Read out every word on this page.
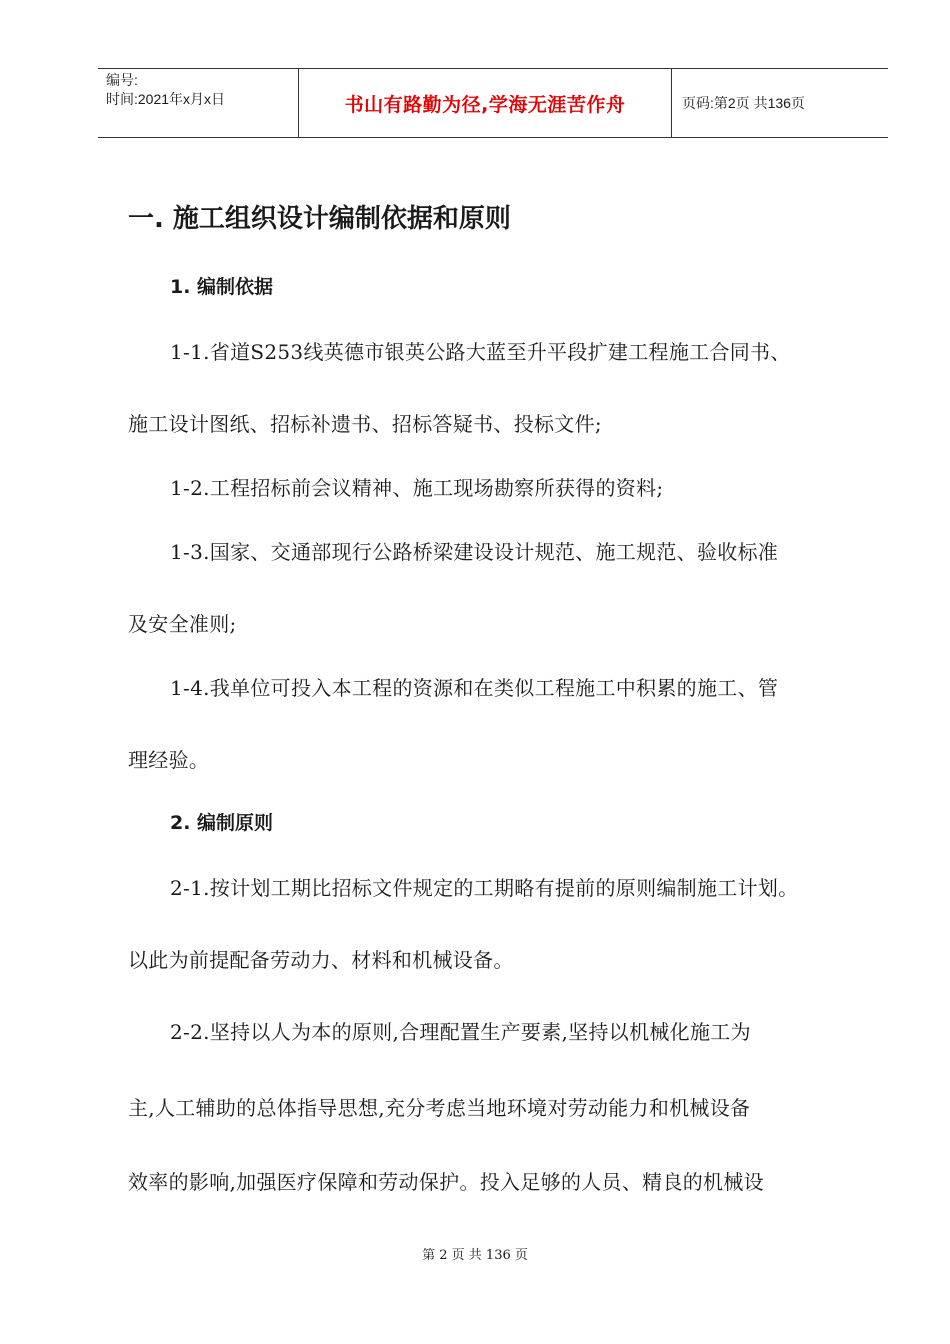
编号:
时间:2021年x月x日	书山有路勤为径,学海无涯苦作舟	页码:第2页 共136页
一. 施工组织设计编制依据和原则
1. 编制依据
1-1.省道S253线英德市银英公路大蓝至升平段扩建工程施工合同书、
施工设计图纸、招标补遗书、招标答疑书、投标文件;
1-2.工程招标前会议精神、施工现场勘察所获得的资料;
1-3.国家、交通部现行公路桥梁建设设计规范、施工规范、验收标准
及安全准则;
1-4.我单位可投入本工程的资源和在类似工程施工中积累的施工、管
理经验。
2. 编制原则
2-1.按计划工期比招标文件规定的工期略有提前的原则编制施工计划。
以此为前提配备劳动力、材料和机械设备。
2-2.坚持以人为本的原则,合理配置生产要素,坚持以机械化施工为
主,人工辅助的总体指导思想,充分考虑当地环境对劳动能力和机械设备
效率的影响,加强医疗保障和劳动保护。投入足够的人员、精良的机械设
第 2 页 共 136 页
